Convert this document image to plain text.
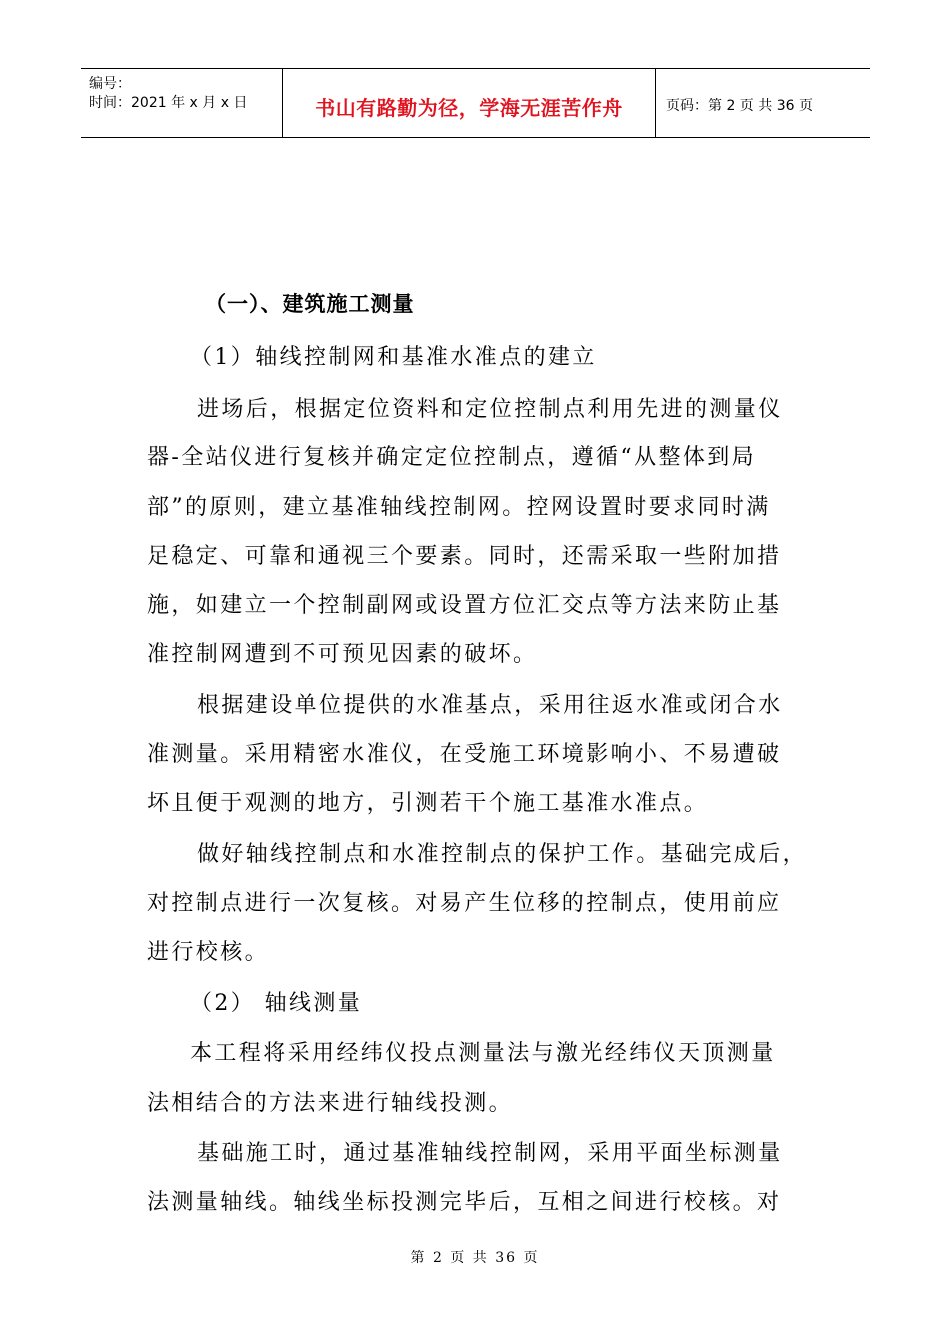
编号：
时间：2021 年 x 月 x 日	书山有路勤为径，学海无涯苦作舟	页码：第 2 页 共 36 页
（一）、建筑施工测量
（1）轴线控制网和基准水准点的建立
进场后，根据定位资料和定位控制点利用先进的测量仪
器-全站仪进行复核并确定定位控制点，遵循“从整体到局
部”的原则，建立基准轴线控制网。控网设置时要求同时满
足稳定、可靠和通视三个要素。同时，还需采取一些附加措
施，如建立一个控制副网或设置方位汇交点等方法来防止基
准控制网遭到不可预见因素的破坏。
根据建设单位提供的水准基点，采用往返水准或闭合水
准测量。采用精密水准仪，在受施工环境影响小、不易遭破
坏且便于观测的地方，引测若干个施工基准水准点。
做好轴线控制点和水准控制点的保护工作。基础完成后，
对控制点进行一次复核。对易产生位移的控制点，使用前应
进行校核。
（2） 轴线测量
本工程将采用经纬仪投点测量法与激光经纬仪天顶测量
法相结合的方法来进行轴线投测。
基础施工时，通过基准轴线控制网，采用平面坐标测量
法测量轴线。轴线坐标投测完毕后，互相之间进行校核。对
第 2 页 共 36 页
